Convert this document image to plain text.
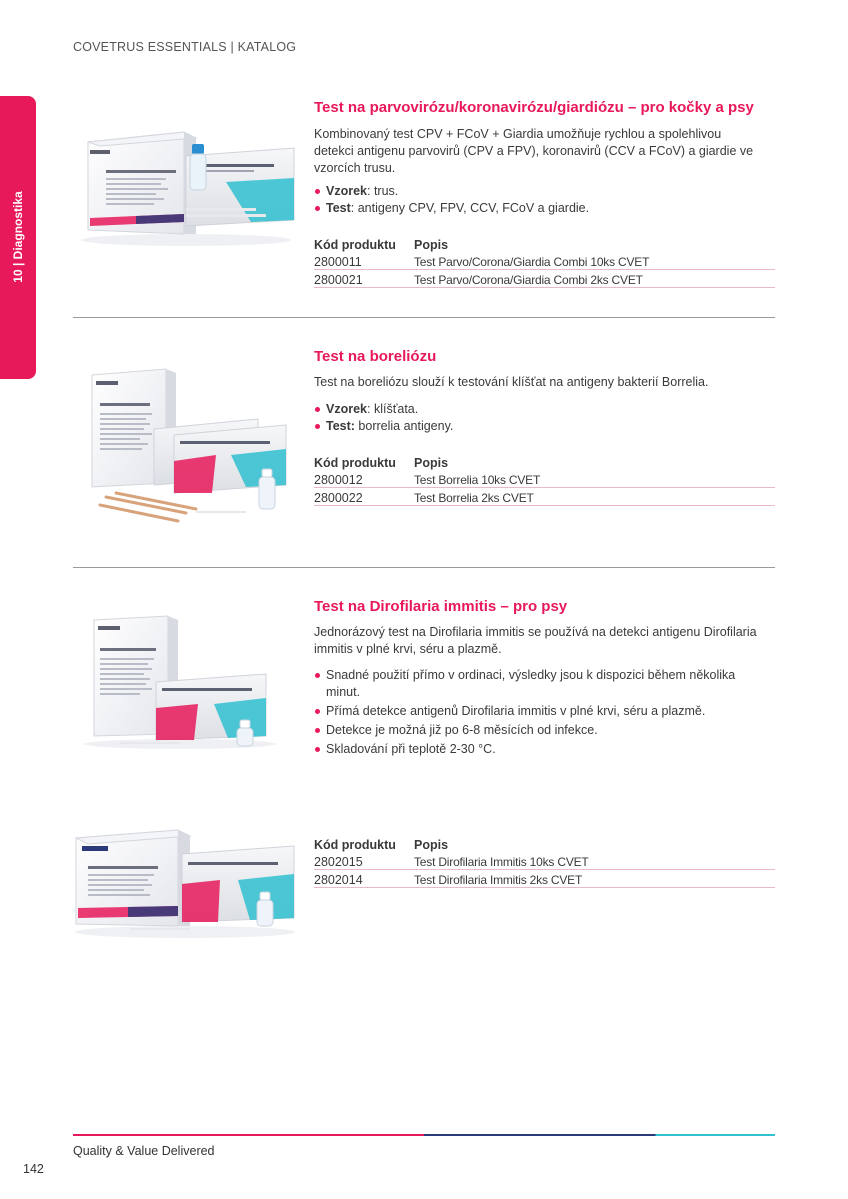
COVETRUS ESSENTIALS | KATALOG
10 | Diagnostika
Test na parvovirózu/koronavirózu/giardiózu – pro kočky a psy

Kombinovaný test CPV + FCoV + Giardia umožňuje rychlou a spolehlivou detekci antigenu parvovirů (CPV a FPV), koronavirů (CCV a FCoV) a giardie ve vzorcích trusu.

Vzorek: trus.
Test: antigeny CPV, FPV, CCV, FCoV a giardie.
Kód produktu	Popis
2800011	Test Parvo/Corona/Giardia Combi 10ks CVET
2800021	Test Parvo/Corona/Giardia Combi 2ks CVET
Test na boreliózu

Test na boreliózu slouží k testování klíšťat na antigeny bakterií Borrelia.

Vzorek: klíšťata.
Test: borrelia antigeny.
Kód produktu	Popis
2800012	Test Borrelia 10ks CVET
2800022	Test Borrelia 2ks CVET
Test na Dirofilaria immitis – pro psy

Jednorázový test na Dirofilaria immitis se používá na detekci antigenu Dirofilaria immitis v plné krvi, séru a plazmě.

Snadné použití přímo v ordinaci, výsledky jsou k dispozici během několika minut.
Přímá detekce antigenů Dirofilaria immitis v plné krvi, séru a plazmě.
Detekce je možná již po 6-8 měsících od infekce.
Skladování při teplotě 2-30 °C.
Kód produktu	Popis
2802015	Test Dirofilaria Immitis 10ks CVET
2802014	Test Dirofilaria Immitis 2ks CVET
Quality & Value Delivered
142
